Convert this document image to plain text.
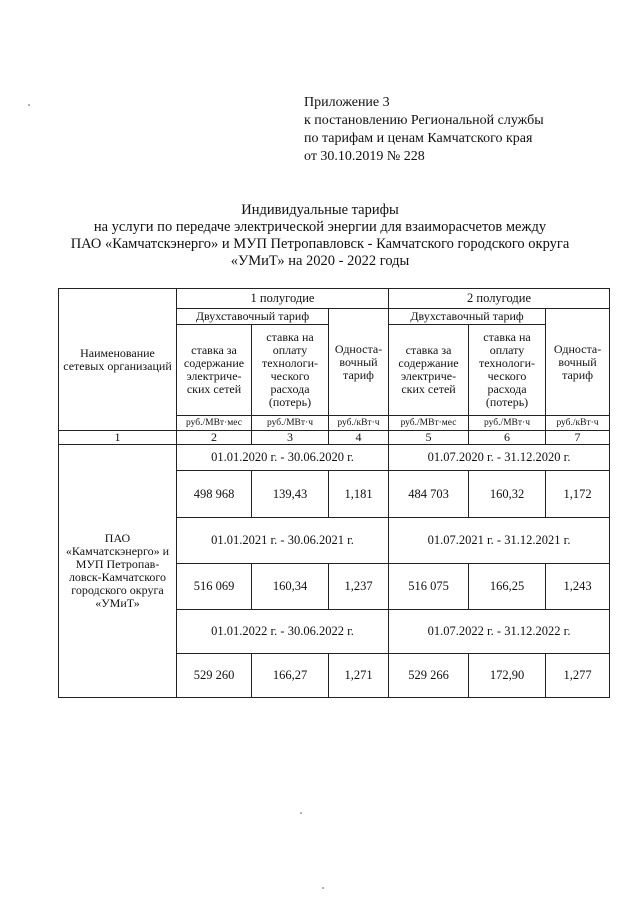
Приложение 3
к постановлению Региональной службы
по тарифам и ценам Камчатского края
от 30.10.2019 № 228
Индивидуальные тарифы
на услуги по передаче электрической энергии для взаиморасчетов между
ПАО «Камчатскэнерго» и МУП Петропавловск - Камчатского городского округа
«УМиТ» на 2020 - 2022 годы
Наименование сетевых организаций	1 полугодие			2 полугодие		
	Двухставочный тариф		Односта-вочный тариф	Двухставочный тариф		Односта-вочный тариф
	ставка за содержание электриче-ских сетей	ставка на оплату технологи-ческого расхода (потерь)		ставка за содержание электриче-ских сетей	ставка на оплату технологи-ческого расхода (потерь)	
	руб./МВт·мес	руб./МВт·ч	руб./кВт·ч	руб./МВт·мес	руб./МВт·ч	руб./кВт·ч
1	2	3	4	5	6	7
ПАО «Камчатскэнерго» и МУП Петропав-ловск-Камчатского городского округа «УМиТ»	01.01.2020 г. - 30.06.2020 г.			01.07.2020 г. - 31.12.2020 г.		
	498 968	139,43	1,181	484 703	160,32	1,172
	01.01.2021 г. - 30.06.2021 г.			01.07.2021 г. - 31.12.2021 г.		
	516 069	160,34	1,237	516 075	166,25	1,243
	01.01.2022 г. - 30.06.2022 г.			01.07.2022 г. - 31.12.2022 г.		
	529 260	166,27	1,271	529 266	172,90	1,277
